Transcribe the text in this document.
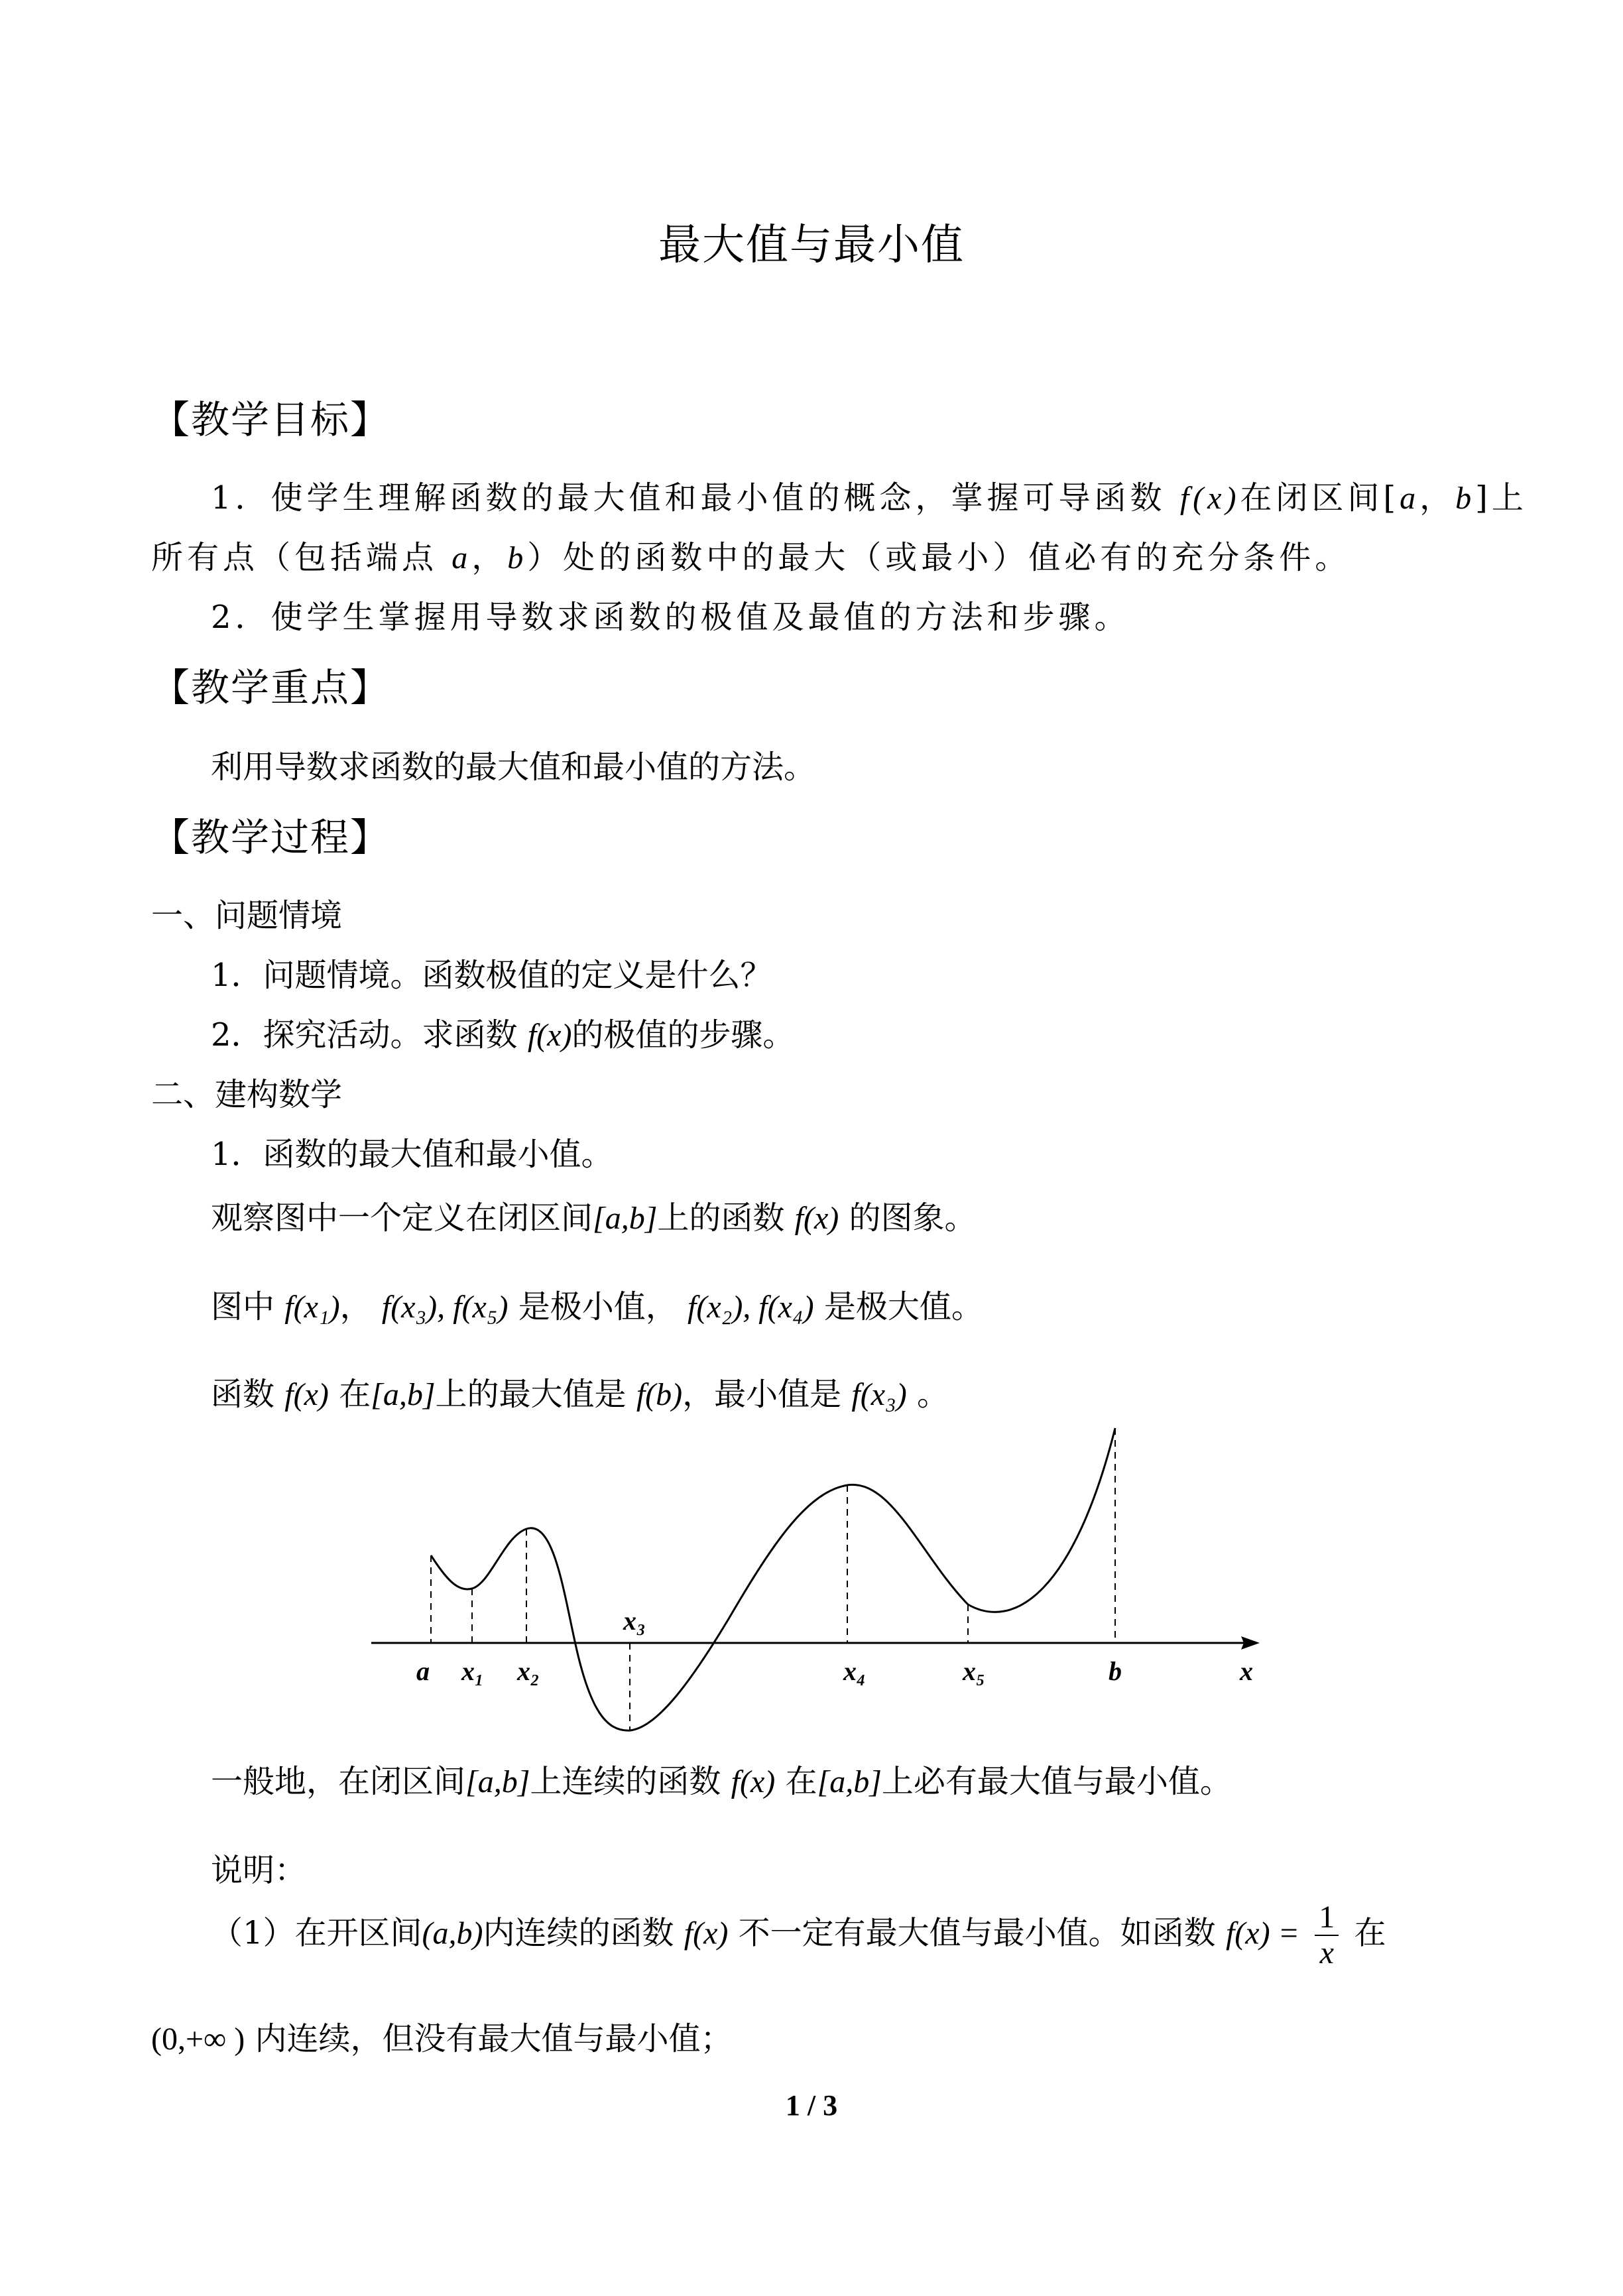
最大值与最小值
【教学目标】
1．使学生理解函数的最大值和最小值的概念，掌握可导函数 f(x)在闭区间[a，b]上
所有点（包括端点 a，b）处的函数中的最大（或最小）值必有的充分条件。
2．使学生掌握用导数求函数的极值及最值的方法和步骤。
【教学重点】
利用导数求函数的最大值和最小值的方法。
【教学过程】
一、问题情境
1．问题情境。函数极值的定义是什么？
2．探究活动。求函数 f(x)的极值的步骤。
二、建构数学
1．函数的最大值和最小值。
观察图中一个定义在闭区间[a,b]上的函数 f(x) 的图象。
图中 f(x₁)， f(x₃), f(x₅) 是极小值， f(x₂), f(x₄) 是极大值。
函数 f(x) 在[a,b]上的最大值是 f(b)，最小值是 f(x₃) 。
a x₁ x₂
x₃
x₄	x₅	b	x
一般地，在闭区间[a,b]上连续的函数 f(x) 在[a,b]上必有最大值与最小值。
说明：
（1）在开区间(a,b)内连续的函数 f(x) 不一定有最大值与最小值。如函数 $f(x) = \frac{1}{x}$ 在
(0,+∞ ) 内连续，但没有最大值与最小值；
1 / 3
